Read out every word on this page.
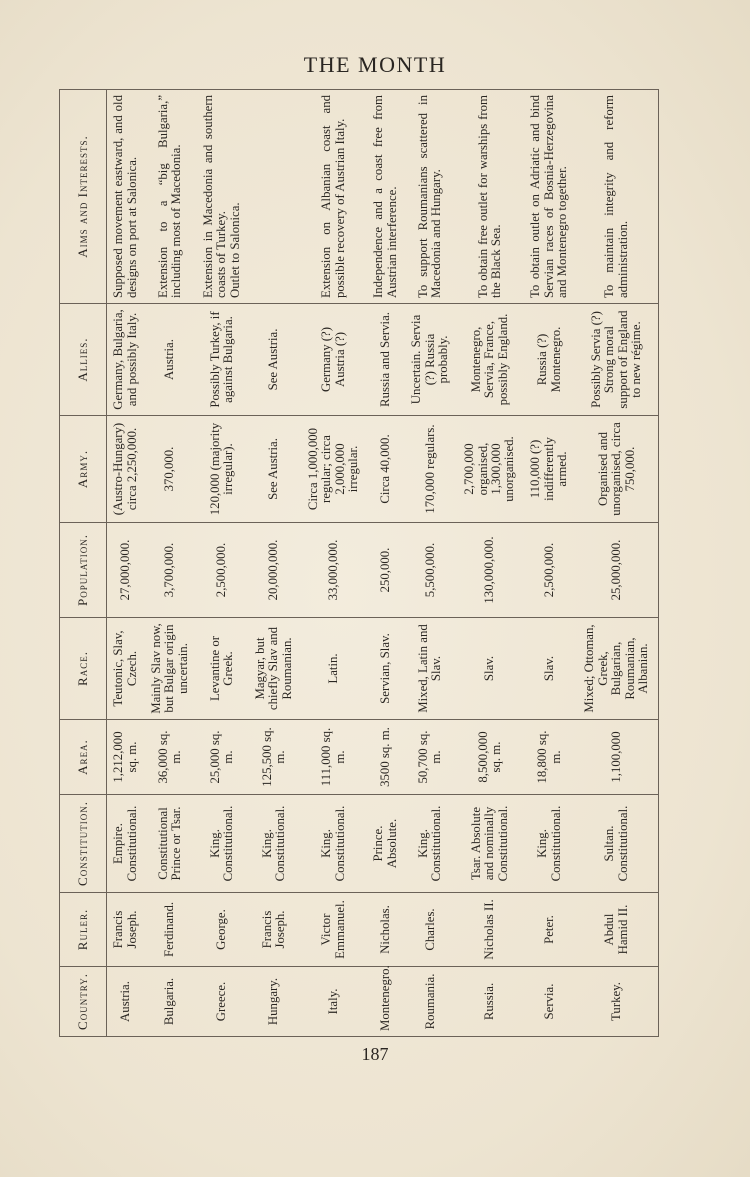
THE MONTH
Country.	Ruler.	Constitution.	Area.	Race.	Population.	Army.	Allies.	Aims and Interests.
Austria.	Francis Joseph.	Empire. Constitutional.	1,212,000 sq. m.	Teutonic, Slav, Czech.	27,000,000.	(Austro-Hungary) circa 2,250,000.	Germany, Bulgaria, and possibly Italy.	Supposed movement eastward, and old designs on port at Salonica.

Bulgaria.	Ferdinand.	Constitutional Prince or Tsar.	36,000 sq. m.	Mainly Slav now, but Bulgar origin uncertain.	3,700,000.	370,000.	Austria.	Extension to a “big Bulgaria,” including most of Macedonia.

Greece.	George.	King. Constitutional.	25,000 sq. m.	Levantine or Greek.	2,500,000.	120,000 (majority irregular).	Possibly Turkey, if against Bulgaria.	Extension in Macedonia and southern coasts of Turkey. Outlet to Salonica.

Hungary.	Francis Joseph.	King. Constitutional.	125,500 sq. m.	Magyar, but chiefly Slav and Roumanian.	20,000,000.	See Austria.	See Austria.	
Italy.	Victor Emmanuel.	King. Constitutional.	111,000 sq. m.	Latin.	33,000,000.	Circa 1,000,000 regular; circa 2,000,000 irregular.	Germany (?) Austria (?)	Extension on Albanian coast and possible recovery of Austrian Italy.

Montenegro.	Nicholas.	Prince. Absolute.	3500 sq. m.	Servian, Slav.	250,000.	Circa 40,000.	Russia and Servia.	Independence and a coast free from Austrian interference.

Roumania.	Charles.	King. Constitutional.	50,700 sq. m.	Mixed, Latin and Slav.	5,500,000.	170,000 regulars.	Uncertain. Servia (?) Russia probably.	To support Roumanians scattered in Macedonia and Hungary.

Russia.	Nicholas II.	Tsar. Absolute and nominally Constitutional.	8,500,000 sq. m.	Slav.	130,000,000.	2,700,000 organised, 1,300,000 unorganised.	Montenegro, Servia, France, possibly England.	To obtain free outlet for warships from the Black Sea.

Servia.	Peter.	King. Constitutional.	18,800 sq. m.	Slav.	2,500,000.	110,000 (?) indifferently armed.	Russia (?) Montenegro.	To obtain outlet on Adriatic and bind Servian races of Bosnia-Herzegovina and Montenegro together.

Turkey.	Abdul Hamid II.	Sultan. Constitutional.	1,100,000	Mixed; Ottoman, Greek, Bulgarian, Roumanian, Albanian.	25,000,000.	Organised and unorganised, circa 750,000.	Possibly Servia (?) Strong moral support of England to new régime.	To maintain integrity and reform administration.
187
